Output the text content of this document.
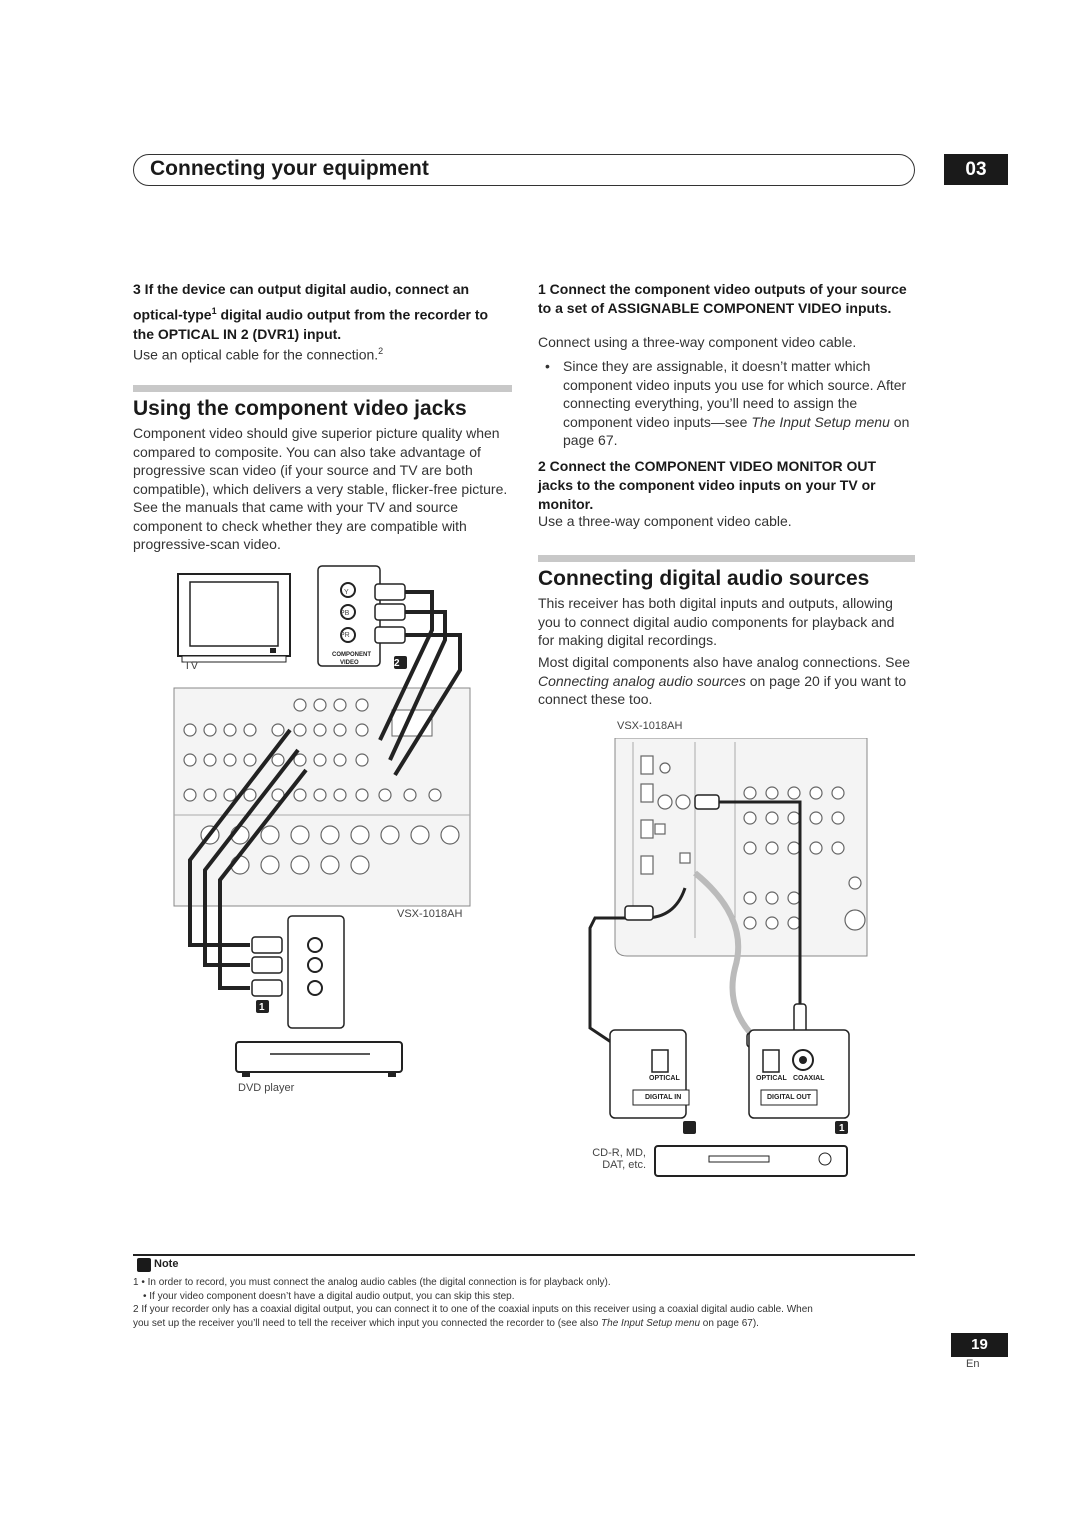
Connecting your equipment	03
3 If the device can output digital audio, connect an
optical-type$^1$ digital audio output from the recorder to
the OPTICAL IN 2 (DVR1) input.
Use an optical cable for the connection.$^2$
Using the component video jacks
Component video should give superior picture quality when compared to composite. You can also take advantage of progressive scan video (if your source and TV are both compatible), which delivers a very stable, flicker-free picture. See the manuals that came with your TV and source component to check whether they are compatible with progressive-scan video.
TV
VSX-1018AH
2
1
Y
PB
PR
COMPONENT
VIDEO
DVD player
1 Connect the component video outputs of your source to a set of ASSIGNABLE COMPONENT VIDEO inputs.
Connect using a three-way component video cable.
• Since they are assignable, it doesn’t matter which component video inputs you use for which source. After connecting everything, you’ll need to assign the component video inputs—see The Input Setup menu on page 67.
2 Connect the COMPONENT VIDEO MONITOR OUT jacks to the component video inputs on your TV or monitor.
Use a three-way component video cable.
Connecting digital audio sources
This receiver has both digital inputs and outputs, allowing you to connect digital audio components for playback and for making digital recordings.
Most digital components also have analog connections. See Connecting analog audio sources on page 20 if you want to connect these too.
VSX-1018AH
OPTICAL
DIGITAL IN
OPTICAL COAXIAL
DIGITAL OUT
2	1
CD-R, MD,
DAT, etc.
Note
1 • In order to record, you must connect the analog audio cables (the digital connection is for playback only).
• If your video component doesn’t have a digital audio output, you can skip this step.
2 If your recorder only has a coaxial digital output, you can connect it to one of the coaxial inputs on this receiver using a coaxial digital audio cable. When
you set up the receiver you’ll need to tell the receiver which input you connected the recorder to (see also The Input Setup menu on page 67).
19
En
